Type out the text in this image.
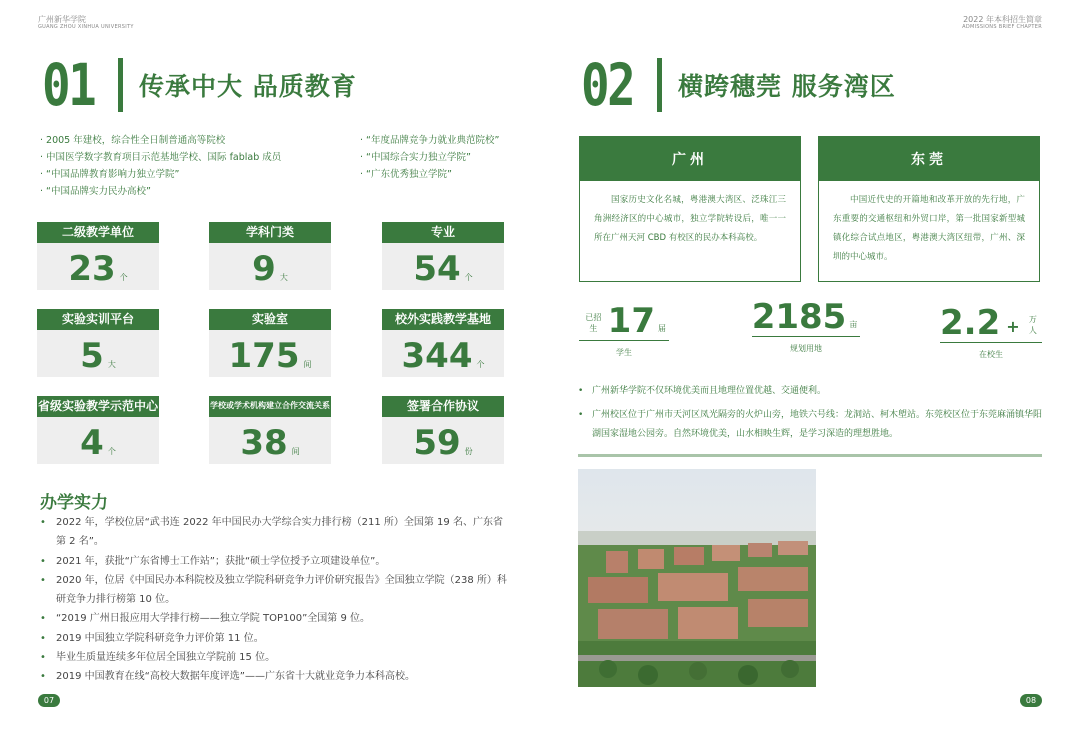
广州新华学院
GUANG ZHOU XINHUA UNIVERSITY
2022 年本科招生简章
ADMISSIONS BRIEF CHAPTER
01 传承中大 品质教育
· 2005 年建校，综合性全日制普通高等院校
· 中国医学数字教育项目示范基地学校、国际 fablab 成员
· “中国品牌教育影响力独立学院”
· “中国品牌实力民办高校”
· “年度品牌竞争力就业典范院校”
· “中国综合实力独立学院”
· “广东优秀独立学院”
二级教学单位
23 个
学科门类
9 大
专业
54 个
实验实训平台
5 大
实验室
175 间
校外实践教学基地
344 个
省级实验教学示范中心
4 个
学校或学术机构建立合作交流关系
38 间
签署合作协议
59 份
办学实力
• 2022 年，学校位居“武书连 2022 年中国民办大学综合实力排行榜（211 所）全国第 19 名、广东省第 2 名”。
• 2021 年，获批“广东省博士工作站”；获批“硕士学位授予立项建设单位”。
• 2020 年，位居《中国民办本科院校及独立学院科研竞争力评价研究报告》全国独立学院（238 所）科研竞争力排行榜第 10 位。
• “2019 广州日报应用大学排行榜——独立学院 TOP100”全国第 9 位。
• 2019 中国独立学院科研竞争力评价第 11 位。
• 毕业生质量连续多年位居全国独立学院前 15 位。
• 2019 中国教育在线“高校大数据年度评选”——广东省十大就业竞争力本科高校。
07
02 横跨穗莞 服务湾区
广州
国家历史文化名城，粤港澳大湾区、泛珠江三角洲经济区的中心城市，独立学院转设后，唯一一所在广州天河 CBD 有校区的民办本科高校。
东莞
中国近代史的开篇地和改革开放的先行地，广东重要的交通枢纽和外贸口岸，第一批国家新型城镇化综合试点地区，粤港澳大湾区纽带，广州、深圳的中心城市。
已招生 17 届
学生
2185 亩
规划用地
2.2 + 万人
在校生
• 广州新华学院不仅环境优美而且地理位置优越、交通便利。
• 广州校区位于广州市天河区凤光隔旁的火炉山旁，地铁六号线：龙洞站、柯木塱站。东莞校区位于东莞麻涌镇华阳湖国家湿地公园旁。自然环境优美，山水相映生辉，是学习深造的理想胜地。
08
